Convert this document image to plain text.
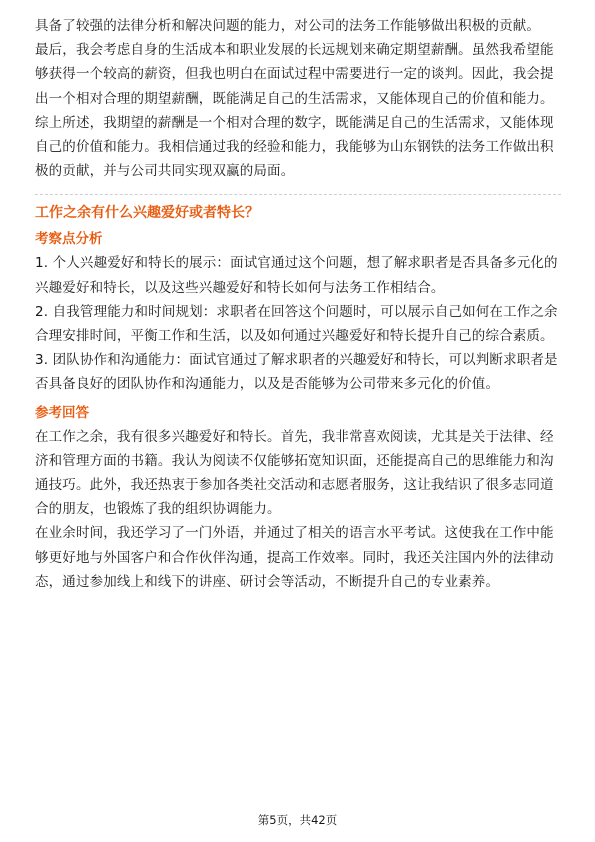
具备了较强的法律分析和解决问题的能力，对公司的法务工作能够做出积极的贡献。

最后，我会考虑自身的生活成本和职业发展的长远规划来确定期望薪酬。虽然我希望能够获得一个较高的薪资，但我也明白在面试过程中需要进行一定的谈判。因此，我会提出一个相对合理的期望薪酬，既能满足自己的生活需求，又能体现自己的价值和能力。

综上所述，我期望的薪酬是一个相对合理的数字，既能满足自己的生活需求，又能体现自己的价值和能力。我相信通过我的经验和能力，我能够为山东钢铁的法务工作做出积极的贡献，并与公司共同实现双赢的局面。

工作之余有什么兴趣爱好或者特长？
考察点分析

1. 个人兴趣爱好和特长的展示：面试官通过这个问题，想了解求职者是否具备多元化的兴趣爱好和特长，以及这些兴趣爱好和特长如何与法务工作相结合。

2. 自我管理能力和时间规划：求职者在回答这个问题时，可以展示自己如何在工作之余合理安排时间，平衡工作和生活，以及如何通过兴趣爱好和特长提升自己的综合素质。

3. 团队协作和沟通能力：面试官通过了解求职者的兴趣爱好和特长，可以判断求职者是否具备良好的团队协作和沟通能力，以及是否能够为公司带来多元化的价值。

参考回答

在工作之余，我有很多兴趣爱好和特长。首先，我非常喜欢阅读，尤其是关于法律、经济和管理方面的书籍。我认为阅读不仅能够拓宽知识面，还能提高自己的思维能力和沟通技巧。此外，我还热衷于参加各类社交活动和志愿者服务，这让我结识了很多志同道合的朋友，也锻炼了我的组织协调能力。

在业余时间，我还学习了一门外语，并通过了相关的语言水平考试。这使我在工作中能够更好地与外国客户和合作伙伴沟通，提高工作效率。同时，我还关注国内外的法律动态，通过参加线上和线下的讲座、研讨会等活动，不断提升自己的专业素养。

第5页，共42页
